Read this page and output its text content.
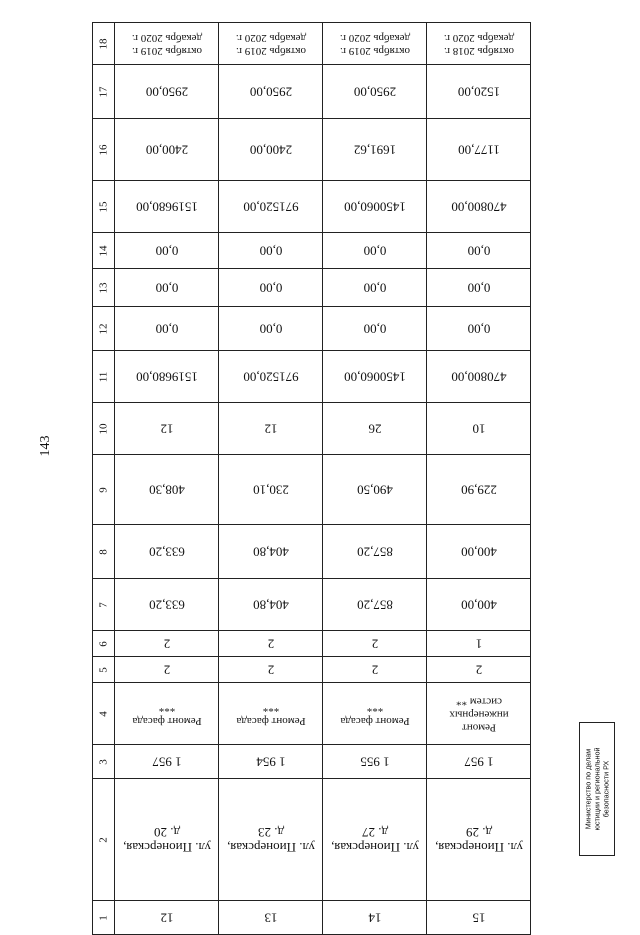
143
Министерство по делам юстиции и региональной безопасности РХ
18	октябрь 2019 г.
декабрь 2020 г.	октябрь 2019 г.
декабрь 2020 г.	октябрь 2019 г.
декабрь 2020 г.	октябрь 2018 г.
декабрь 2020 г.

17	2950,00	2950,00	2950,00	1520,00

16	2400,00	2400,00	1691,62	1177,00

15	1519680,00	971520,00	1450060,00	470800,00

14	0,00	0,00	0,00	0,00

13	0,00	0,00	0,00	0,00

12	0,00	0,00	0,00	0,00

11	1519680,00	971520,00	1450060,00	470800,00

10	12	12	26	10

9	408,30	230,10	490,50	229,90

8	633,20	404,80	857,20	400,00

7	633,20	404,80	857,20	400,00

6	2	2	2	1

5	2	2	2	2

4	Ремонт фасада
***	Ремонт фасада
***	Ремонт фасада
***	Ремонт
инженерных
систем **

3	1 957	1 954	1 955	1 957

2	ул. Пионерская,
д. 20	ул. Пионерская,
д. 23	ул. Пионерская,
д. 27	ул. Пионерская,
д. 29

1	12	13	14	15
